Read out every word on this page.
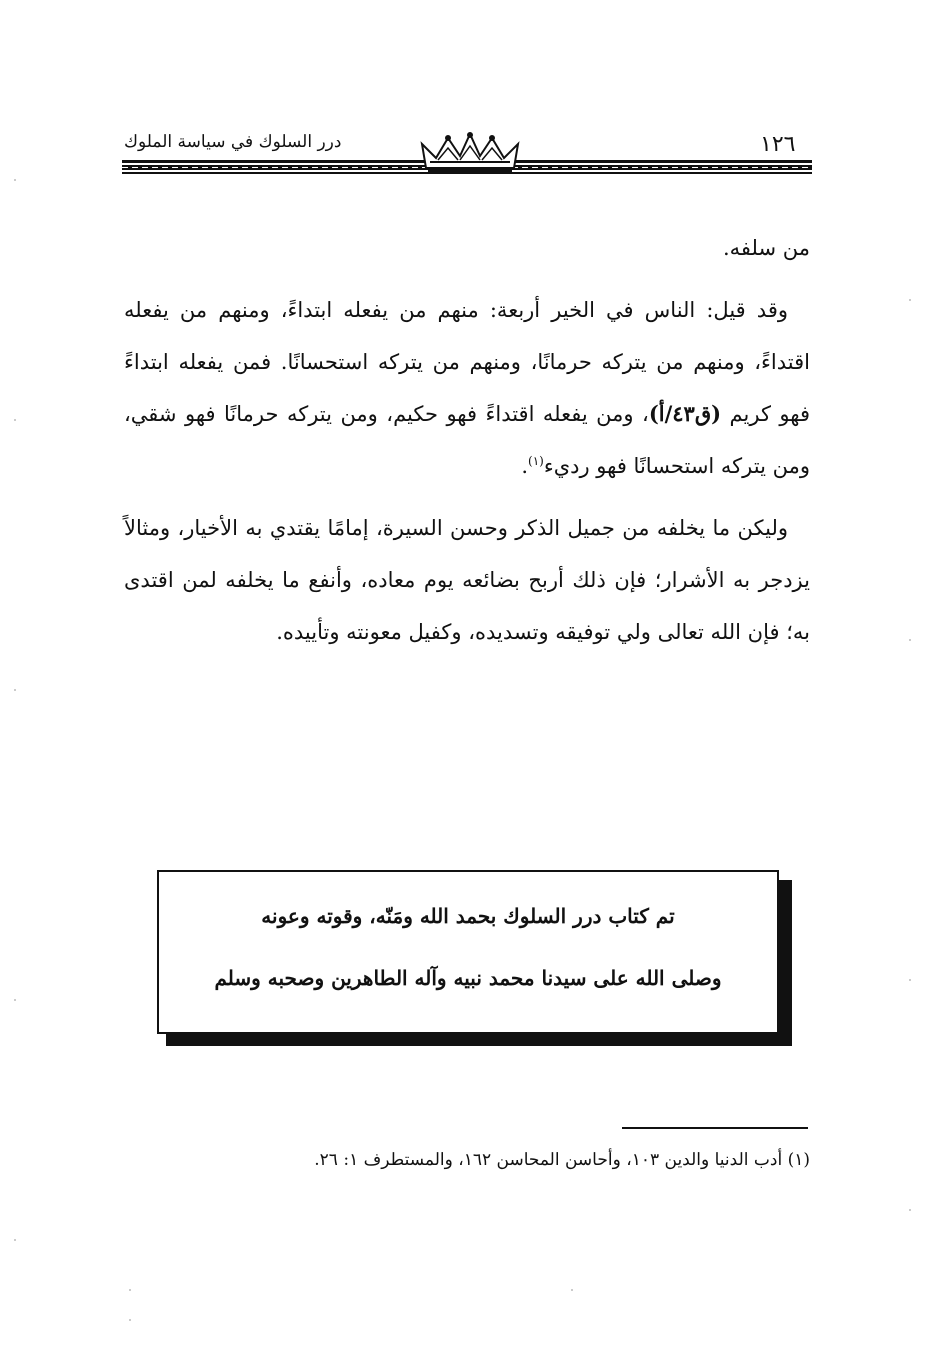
١٢٦
درر السلوك في سياسة الملوك

من سلفه.

وقد قيل: الناس في الخير أربعة: منهم من يفعله ابتداءً، ومنهم من يفعله اقتداءً، ومنهم من يتركه حرمانًا، ومنهم من يتركه استحسانًا. فمن يفعله ابتداءً فهو كريم (ق٤٣/أ)، ومن يفعله اقتداءً فهو حكيم، ومن يتركه حرمانًا فهو شقي، ومن يتركه استحسانًا فهو رديء$^{(١)}$.

وليكن ما يخلفه من جميل الذكر وحسن السيرة، إمامًا يقتدي به الأخيار، ومثالاً يزدجر به الأشرار؛ فإن ذلك أربح بضائعه يوم معاده، وأنفع ما يخلفه لمن اقتدى به؛ فإن الله تعالى ولي توفيقه وتسديده، وكفيل معونته وتأييده.

تم كتاب درر السلوك بحمد الله ومَنّه، وقوته وعونه
وصلى الله على سيدنا محمد نبيه وآله الطاهرين وصحبه وسلم
(١) أدب الدنيا والدين ١٠٣، وأحاسن المحاسن ١٦٢، والمستطرف ١: ٢٦.
